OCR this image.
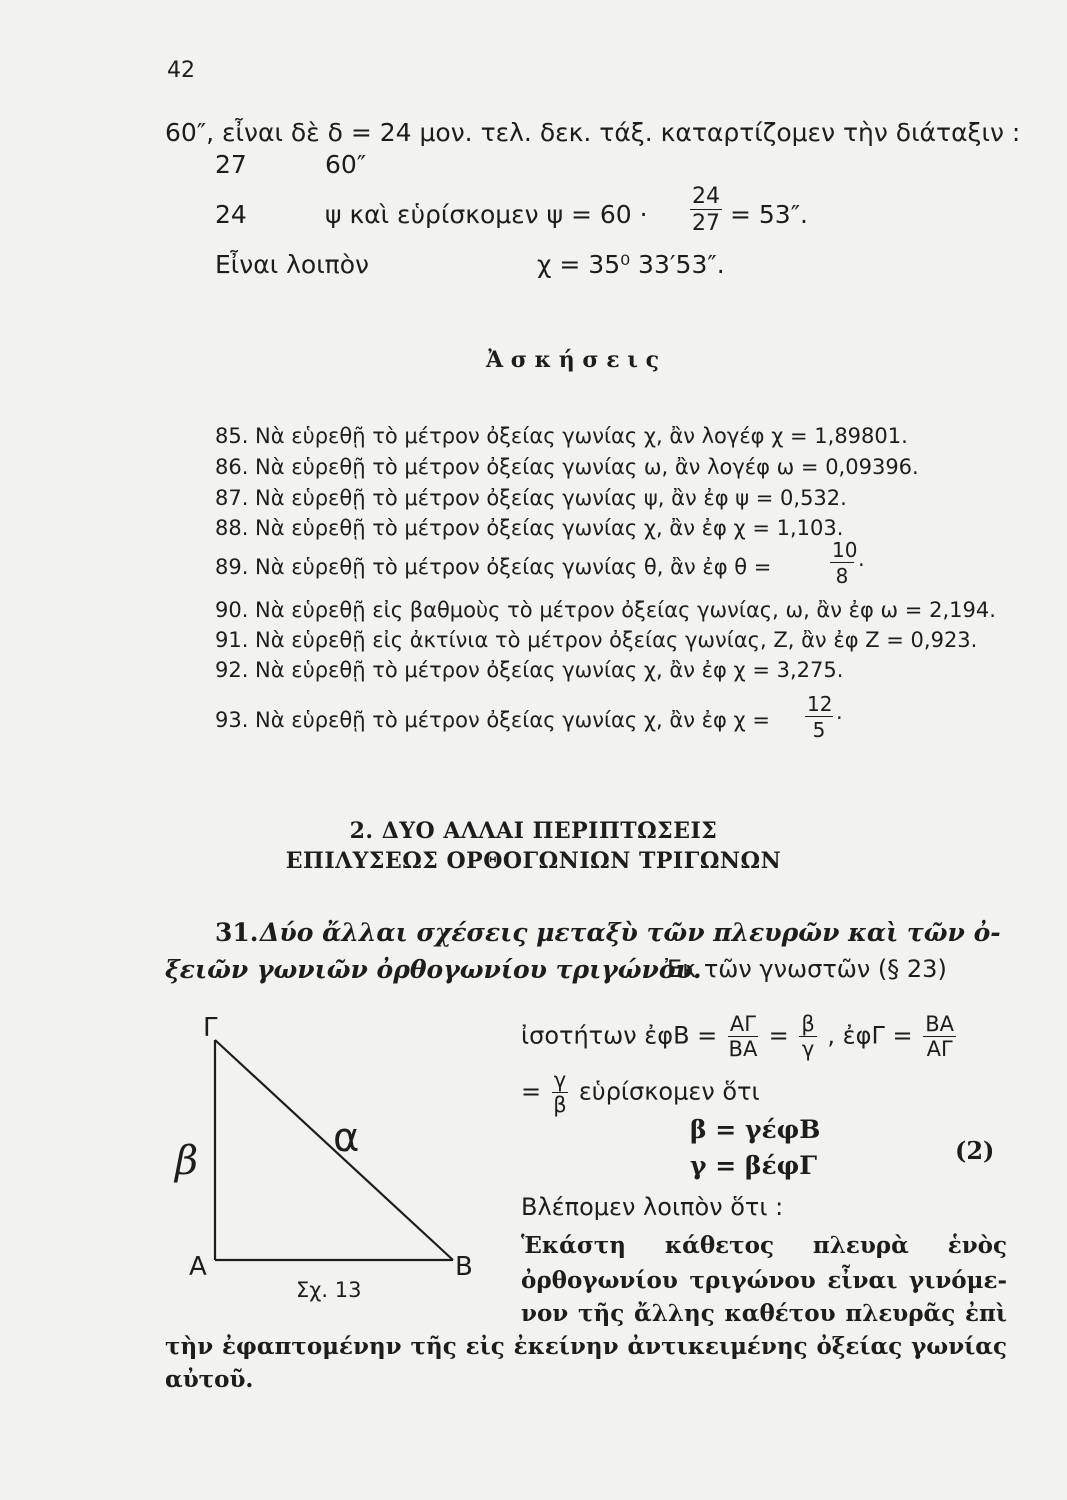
42
60″, εἶναι δὲ δ = 24 μον. τελ. δεκ. τάξ. καταρτίζομεν τὴν διάταξιν :
27	60″
24	ψ καὶ εὑρίσκομεν $\psi = 60 \cdot \frac{24}{27} = 53''$.
Εἶναι λοιπὸν	χ = 35⁰ 33′53″.
Ἀ σ κ ή σ ε ι ς
85. Νὰ εὑρεθῇ τὸ μέτρον ὀξείας γωνίας χ, ἂν λογέφ χ = 1,89801.
86. Νὰ εὑρεθῇ τὸ μέτρον ὀξείας γωνίας ω, ἂν λογέφ ω = 0,09396.
87. Νὰ εὑρεθῇ τὸ μέτρον ὀξείας γωνίας ψ, ἂν ἐφ ψ = 0,532.
88. Νὰ εὑρεθῇ τὸ μέτρον ὀξείας γωνίας χ, ἂν ἐφ χ = 1,103.
89. Νὰ εὑρεθῇ τὸ μέτρον ὀξείας γωνίας θ, ἂν ἐφ θ =	$\frac{10}{8}$ ·
90. Νὰ εὑρεθῇ εἰς βαθμοὺς τὸ μέτρον ὀξείας γωνίας, ω, ἂν ἐφ ω = 2,194.
91. Νὰ εὑρεθῇ εἰς ἀκτίνια τὸ μέτρον ὀξείας γωνίας, Ζ, ἂν ἐφ Ζ = 0,923.
92. Νὰ εὑρεθῇ τὸ μέτρον ὀξείας γωνίας χ, ἂν ἐφ χ = 3,275.
93. Νὰ εὑρεθῇ τὸ μέτρον ὀξείας γωνίας χ, ἂν ἐφ $\chi = \frac{12}{5}$ ·
2. ΔΥΟ ΑΛΛΑΙ ΠΕΡΙΠΤΩΣΕΙΣ
ΕΠΙΛΥΣΕΩΣ ΟΡΘΟΓΩΝΙΩΝ ΤΡΙΓΩΝΩΝ
31. Δύο ἄλλαι σχέσεις μεταξὺ τῶν πλευρῶν καὶ τῶν ὀ-
ξειῶν γωνιῶν ὀρθογωνίου τριγώνου.
Ἐκ τῶν γνωστῶν (§ 23)
ἰσοτήτων ἐφΒ = $\frac{A\Gamma}{BA} = \frac{\beta}{\gamma}$ , ἐφΓ = $\frac{BA}{A\Gamma}$
= $\frac{\gamma}{\beta}$ εὑρίσκομεν ὅτι
β = γέφΒ
γ = βέφΓ
(2)
Βλέπομεν λοιπὸν ὅτι :
Γ
Α	Β
β	α
Σχ. 13
Ἑκάστη κάθετος πλευρὰ ἑνὸς
ὀρθογωνίου τριγώνου εἶναι γινόμε-
νον τῆς ἄλλης καθέτου πλευρᾶς ἐπὶ
τὴν ἐφαπτομένην τῆς εἰς ἐκείνην ἀντικειμένης ὀξείας γωνίας
αὐτοῦ.
